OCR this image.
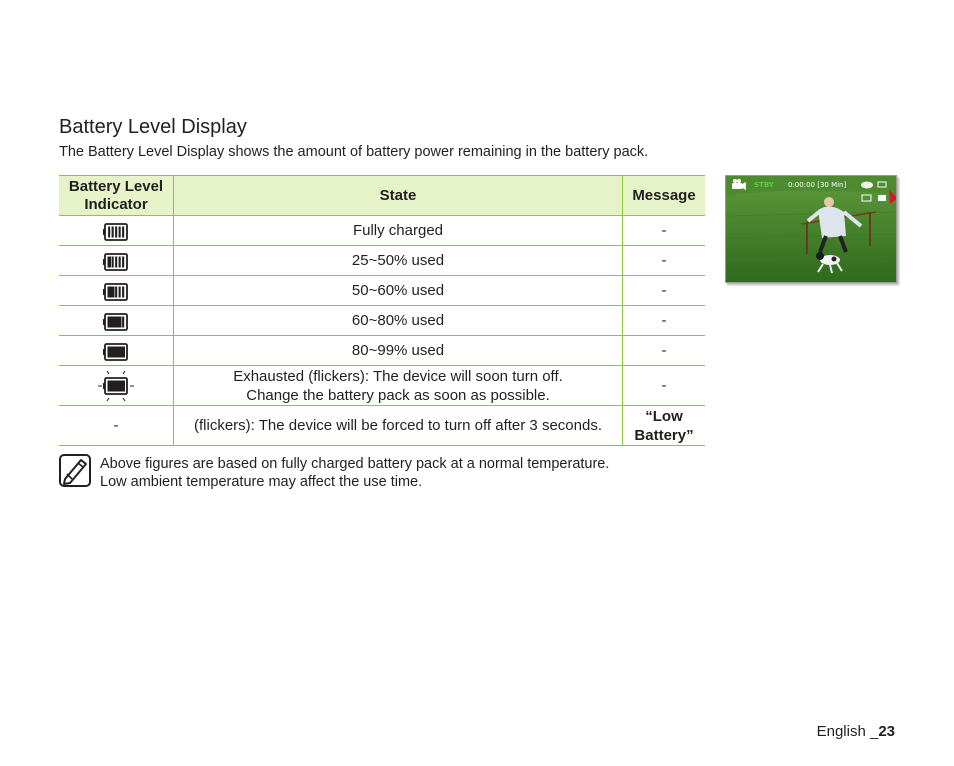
Battery Level Display

The Battery Level Display shows the amount of battery power remaining in the battery pack.

Battery Level
Indicator	State	Message
	Fully charged	-
	25~50% used	-
	50~60% used	-
	60~80% used	-
	80~99% used	-
	Exhausted (flickers): The device will soon turn off.
Change the battery pack as soon as possible.	-
-	(flickers): The device will be forced to turn off after 3 seconds.	“Low
Battery”

Above figures are based on fully charged battery pack at a normal temperature.
Low ambient temperature may affect the use time.

STBY 0:00:00 [30 Min]
English _23
